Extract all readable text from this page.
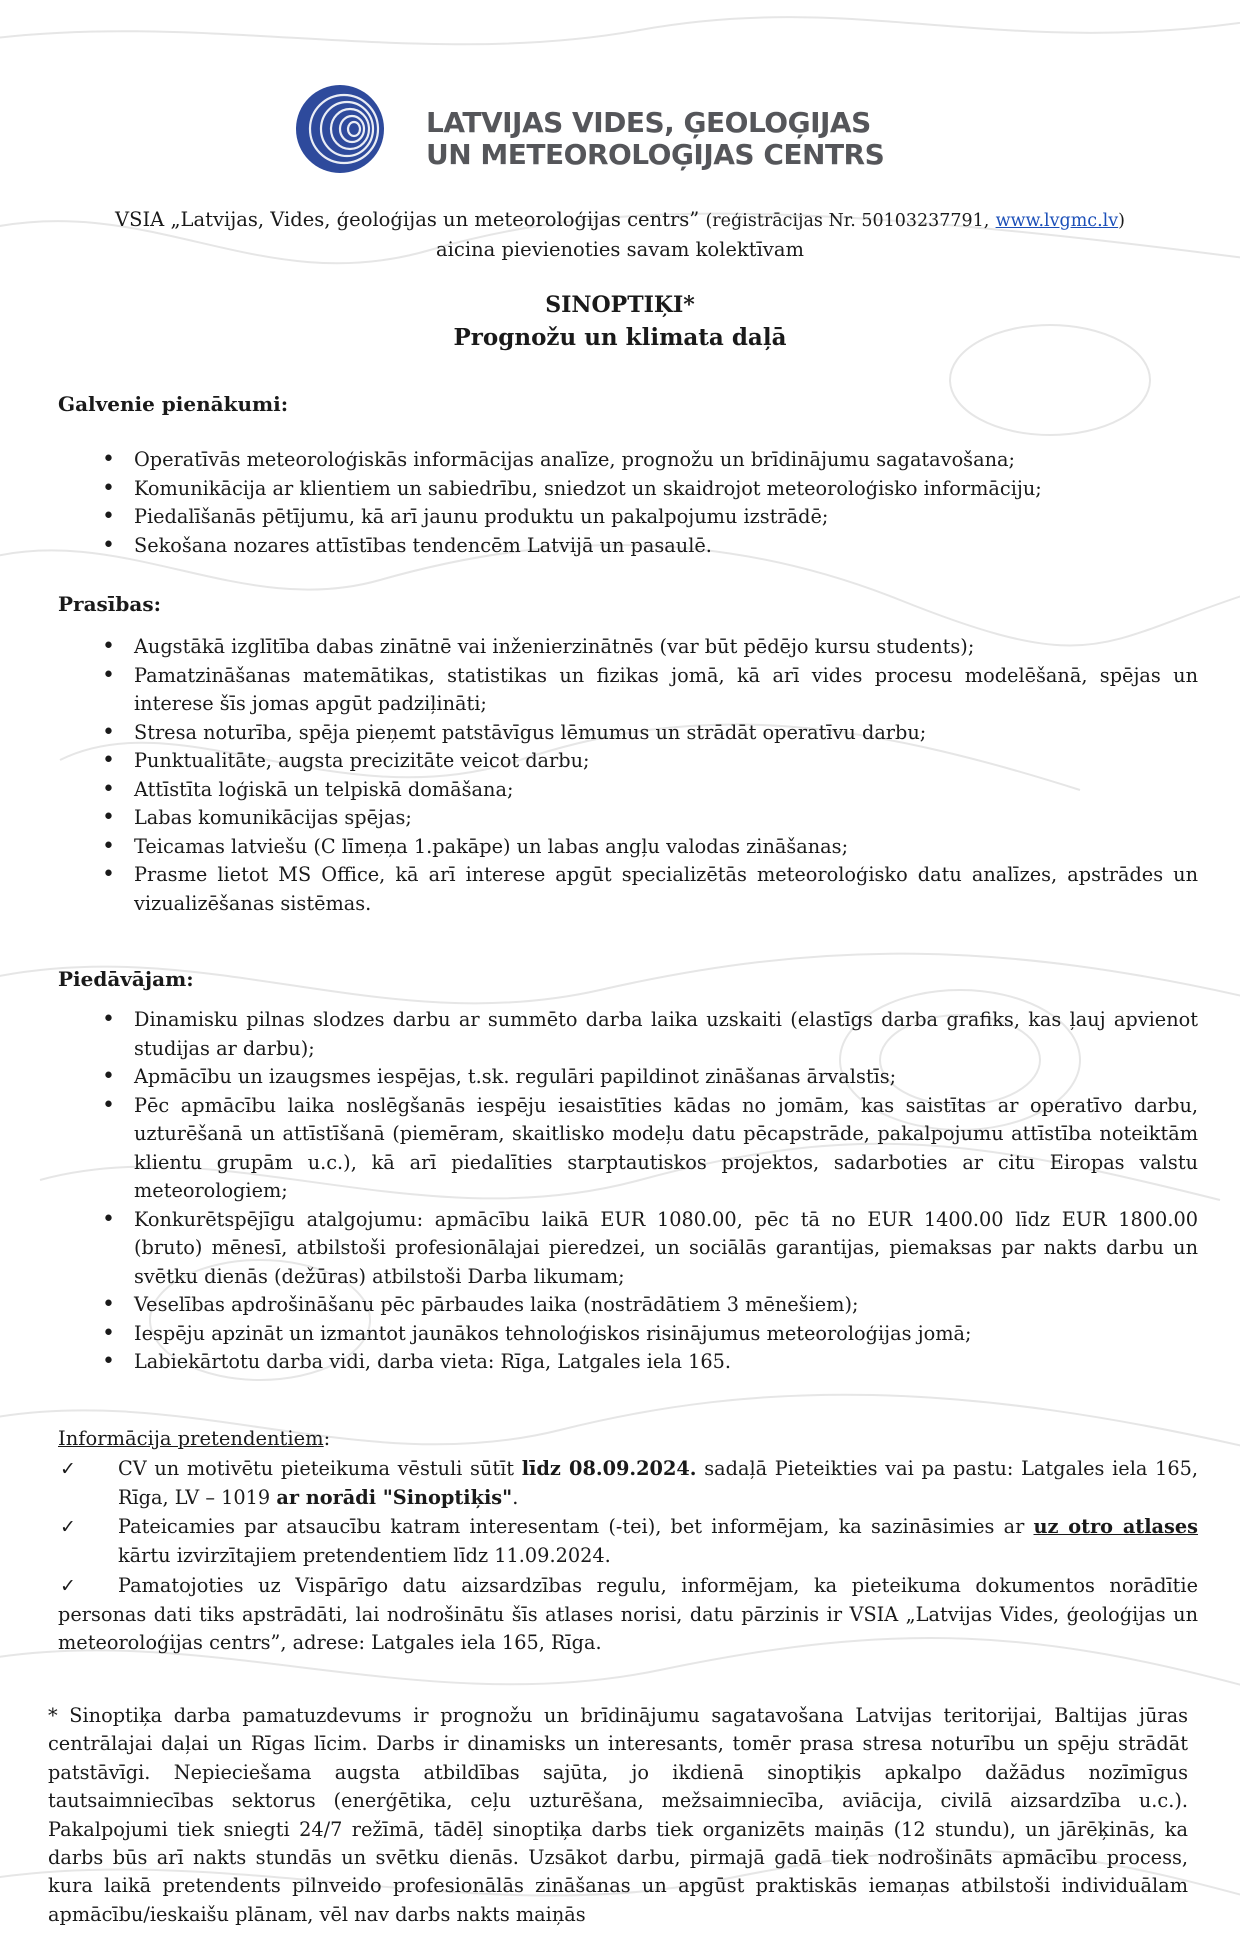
LATVIJAS VIDES, ĢEOLOĢIJAS
UN METEOROLOĢIJAS CENTRS
VSIA „Latvijas, Vides, ģeoloģijas un meteoroloģijas centrs” (reģistrācijas Nr. 50103237791, www.lvgmc.lv)
aicina pievienoties savam kolektīvam
SINOPTIĶI*
Prognožu un klimata daļā
Galvenie pienākumi:
• Operatīvās meteoroloģiskās informācijas analīze, prognožu un brīdinājumu sagatavošana;
• Komunikācija ar klientiem un sabiedrību, sniedzot un skaidrojot meteoroloģisko informāciju;
• Piedalīšanās pētījumu, kā arī jaunu produktu un pakalpojumu izstrādē;
• Sekošana nozares attīstības tendencēm Latvijā un pasaulē.
Prasības:
• Augstākā izglītība dabas zinātnē vai inženierzinātnēs (var būt pēdējo kursu students);
• Pamatzināšanas matemātikas, statistikas un fizikas jomā, kā arī vides procesu modelēšanā, spējas un interese šīs jomas apgūt padziļināti;
• Stresa noturība, spēja pieņemt patstāvīgus lēmumus un strādāt operatīvu darbu;
• Punktualitāte, augsta precizitāte veicot darbu;
• Attīstīta loģiskā un telpiskā domāšana;
• Labas komunikācijas spējas;
• Teicamas latviešu (C līmeņa 1.pakāpe) un labas angļu valodas zināšanas;
• Prasme lietot MS Office, kā arī interese apgūt specializētās meteoroloģisko datu analīzes, apstrādes un vizualizēšanas sistēmas.
Piedāvājam:
• Dinamisku pilnas slodzes darbu ar summēto darba laika uzskaiti (elastīgs darba grafiks, kas ļauj apvienot studijas ar darbu);
• Apmācību un izaugsmes iespējas, t.sk. regulāri papildinot zināšanas ārvalstīs;
• Pēc apmācību laika noslēgšanās iespēju iesaistīties kādas no jomām, kas saistītas ar operatīvo darbu, uzturēšanā un attīstīšanā (piemēram, skaitlisko modeļu datu pēcapstrāde, pakalpojumu attīstība noteiktām klientu grupām u.c.), kā arī piedalīties starptautiskos projektos, sadarboties ar citu Eiropas valstu meteorologiem;
• Konkurētspējīgu atalgojumu: apmācību laikā EUR 1080.00, pēc tā no EUR 1400.00 līdz EUR 1800.00 (bruto) mēnesī, atbilstoši profesionālajai pieredzei, un sociālās garantijas, piemaksas par nakts darbu un svētku dienās (dežūras) atbilstoši Darba likumam;
• Veselības apdrošināšanu pēc pārbaudes laika (nostrādātiem 3 mēnešiem);
• Iespēju apzināt un izmantot jaunākos tehnoloģiskos risinājumus meteoroloģijas jomā;
• Labiekārtotu darba vidi, darba vieta: Rīga, Latgales iela 165.
Informācija pretendentiem:
✓	CV un motivētu pieteikuma vēstuli sūtīt līdz 08.09.2024. sadaļā Pieteikties vai pa pastu: Latgales iela 165, Rīga, LV – 1019 ar norādi "Sinoptiķis".
✓	Pateicamies par atsaucību katram interesentam (-tei), bet informējam, ka sazināsimies ar uz otro atlases kārtu izvirzītajiem pretendentiem līdz 11.09.2024.
✓	Pamatojoties uz Vispārīgo datu aizsardzības regulu, informējam, ka pieteikuma dokumentos norādītie personas dati tiks apstrādāti, lai nodrošinātu šīs atlases norisi, datu pārzinis ir VSIA „Latvijas Vides, ģeoloģijas un meteoroloģijas centrs”, adrese: Latgales iela 165, Rīga.
* Sinoptiķa darba pamatuzdevums ir prognožu un brīdinājumu sagatavošana Latvijas teritorijai, Baltijas jūras centrālajai daļai un Rīgas līcim. Darbs ir dinamisks un interesants, tomēr prasa stresa noturību un spēju strādāt patstāvīgi. Nepieciešama augsta atbildības sajūta, jo ikdienā sinoptiķis apkalpo dažādus nozīmīgus tautsaimniecības sektorus (enerģētika, ceļu uzturēšana, mežsaimniecība, aviācija, civilā aizsardzība u.c.). Pakalpojumi tiek sniegti 24/7 režīmā, tādēļ sinoptiķa darbs tiek organizēts maiņās (12 stundu), un jārēķinās, ka darbs būs arī nakts stundās un svētku dienās. Uzsākot darbu, pirmajā gadā tiek nodrošināts apmācību process, kura laikā pretendents pilnveido profesionālās zināšanas un apgūst praktiskās iemaņas atbilstoši individuālam apmācību/ieskaišu plānam, vēl nav darbs nakts maiņās
